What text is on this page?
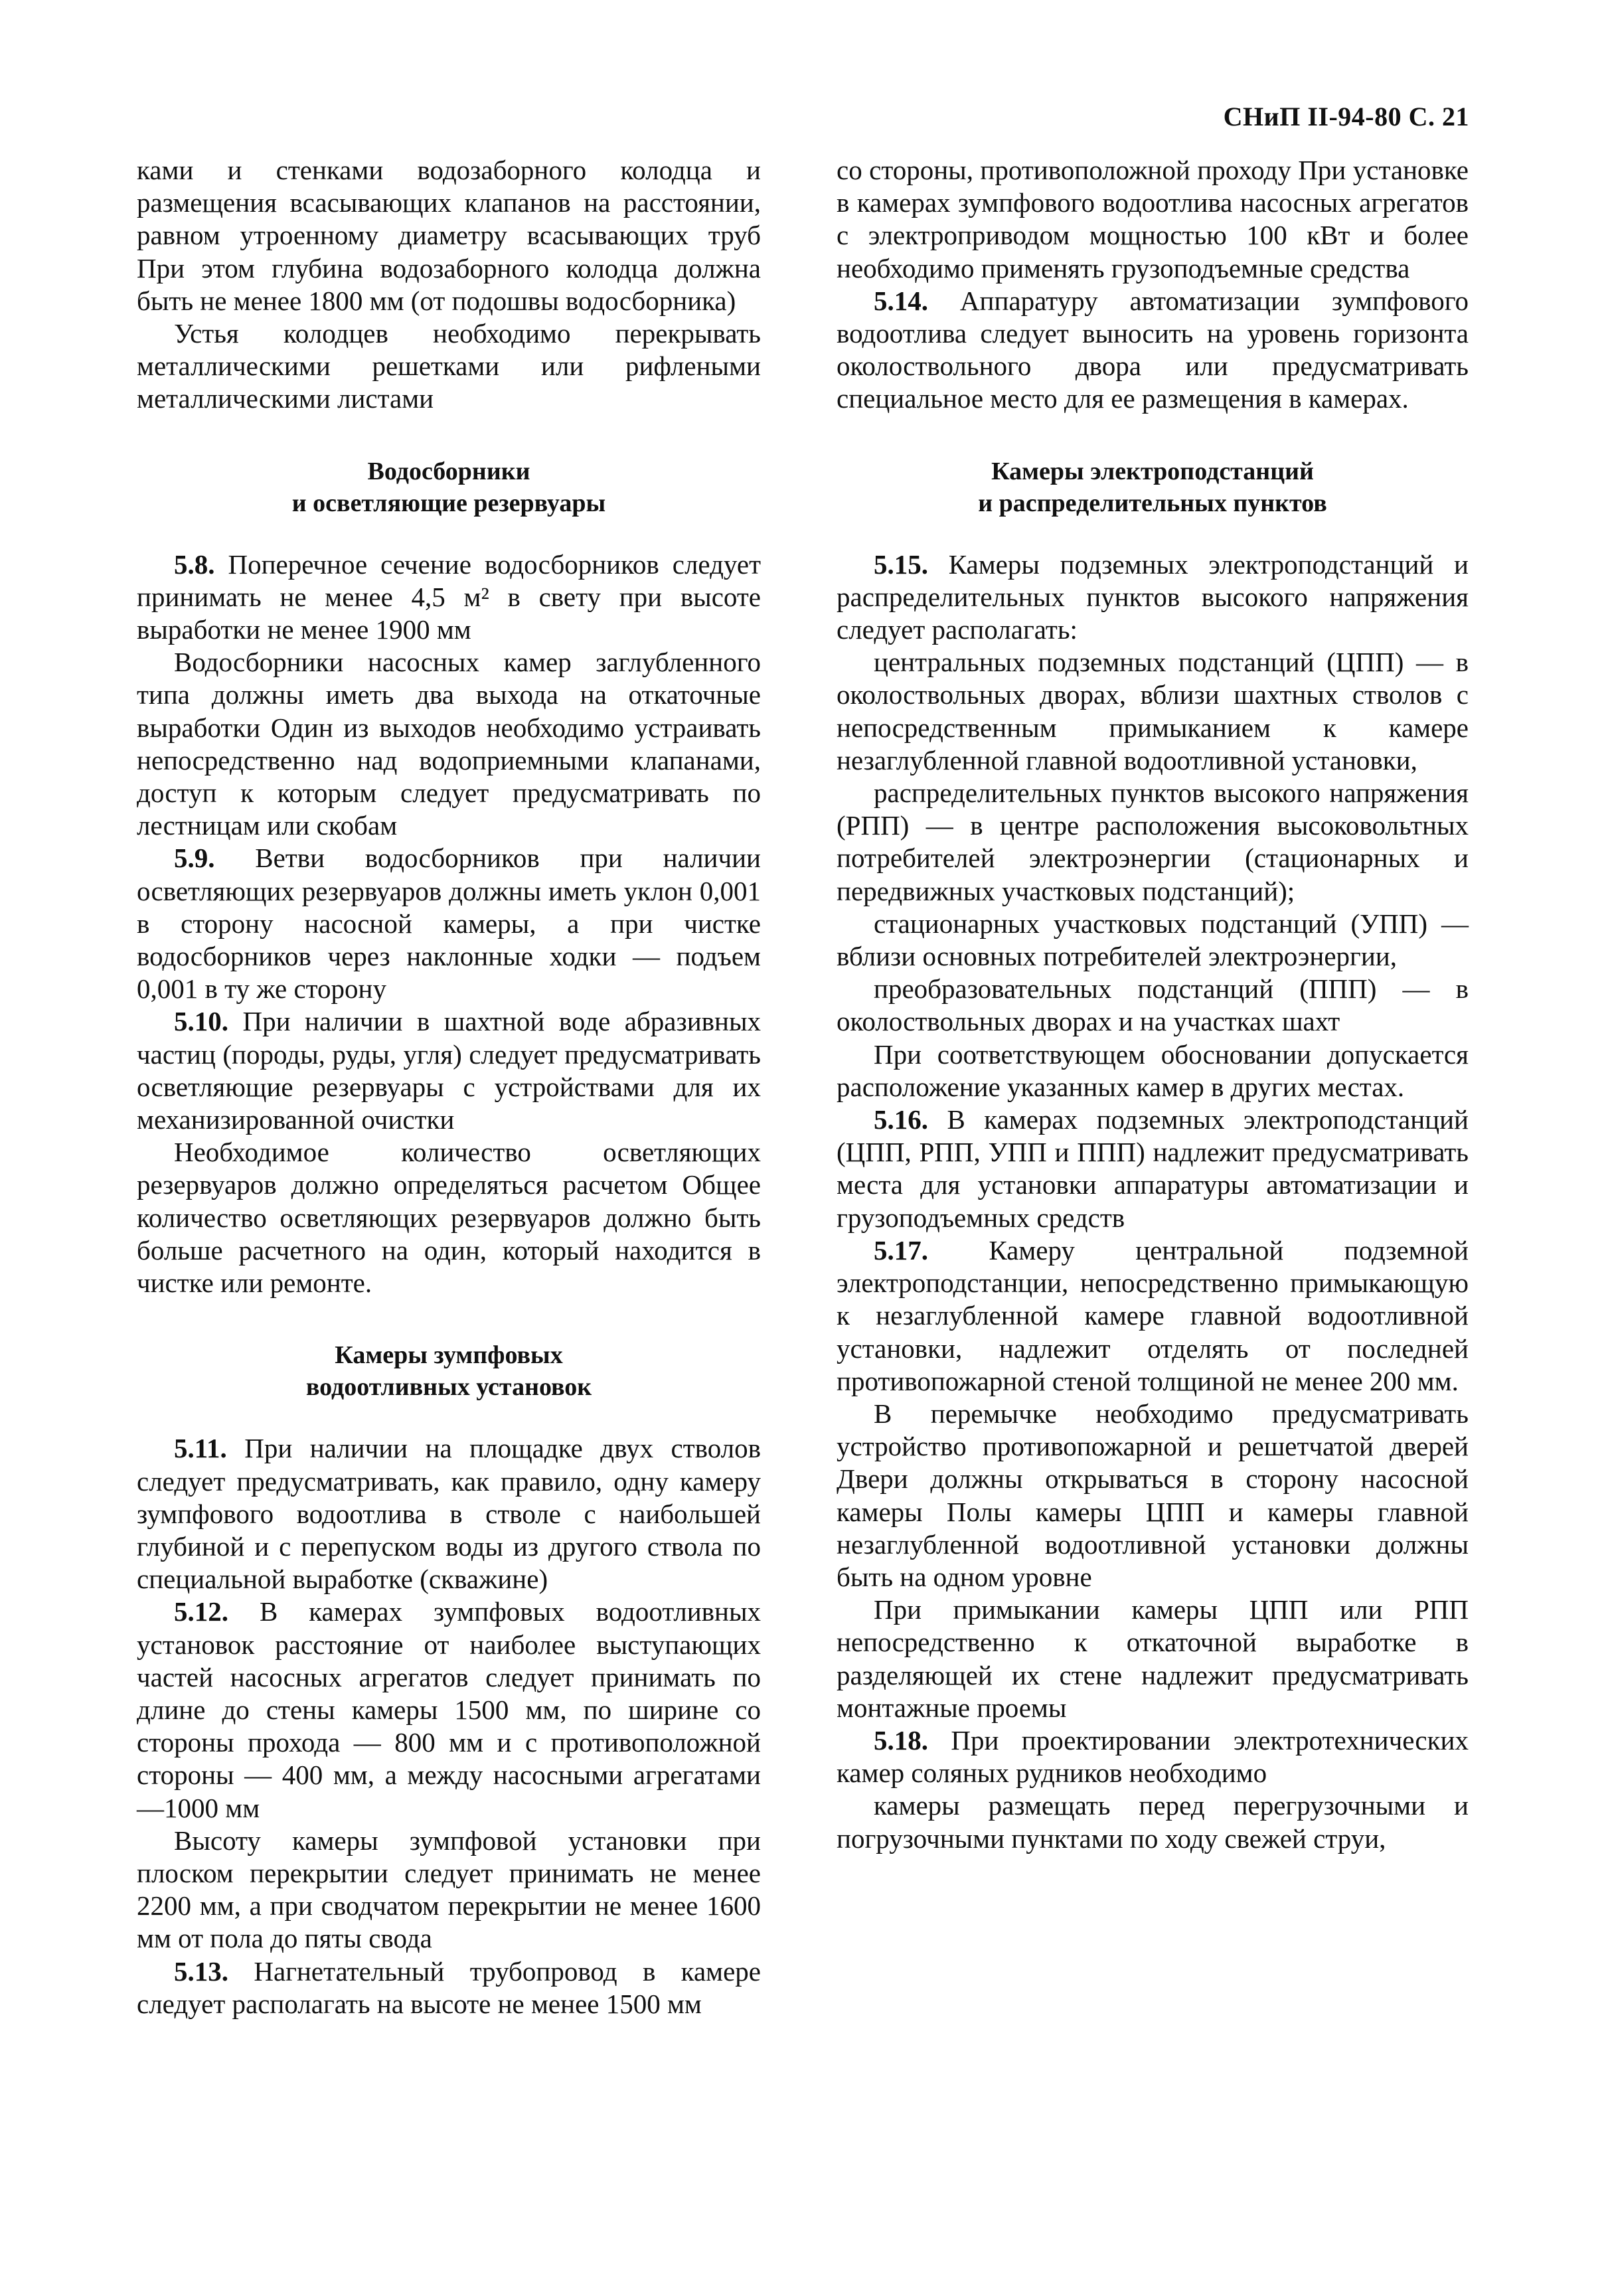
СНиП II-94-80 С. 21

ками и стенками водозаборного колодца и размещения всасывающих клапанов на расстоянии, равном утроенному диаметру всасывающих труб При этом глубина водозаборного колодца должна быть не менее 1800 мм (от подошвы водосборника)

Устья колодцев необходимо перекрывать металлическими решетками или рифлеными металлическими листами

Водосборники
и осветляющие резервуары

5.8. Поперечное сечение водосборников следует принимать не менее 4,5 м² в свету при высоте выработки не менее 1900 мм

Водосборники насосных камер заглубленного типа должны иметь два выхода на откаточные выработки Один из выходов необходимо устраивать непосредственно над водоприемными клапанами, доступ к которым следует предусматривать по лестницам или скобам

5.9. Ветви водосборников при наличии осветляющих резервуаров должны иметь уклон 0,001 в сторону насосной камеры, а при чистке водосборников через наклонные ходки — подъем 0,001 в ту же сторону

5.10. При наличии в шахтной воде абразивных частиц (породы, руды, угля) следует предусматривать осветляющие резервуары с устройствами для их механизированной очистки

Необходимое количество осветляющих резервуаров должно определяться расчетом Общее количество осветляющих резервуаров должно быть больше расчетного на один, который находится в чистке или ремонте.

Камеры зумпфовых
водоотливных установок

5.11. При наличии на площадке двух стволов следует предусматривать, как правило, одну камеру зумпфового водоотлива в стволе с наибольшей глубиной и с перепуском воды из другого ствола по специальной выработке (скважине)

5.12. В камерах зумпфовых водоотливных установок расстояние от наиболее выступающих частей насосных агрегатов следует принимать по длине до стены камеры 1500 мм, по ширине со стороны прохода — 800 мм и с противоположной стороны — 400 мм, а между насосными агрегатами —1000 мм

Высоту камеры зумпфовой установки при плоском перекрытии следует принимать не менее 2200 мм, а при сводчатом перекрытии не менее 1600 мм от пола до пяты свода

5.13. Нагнетательный трубопровод в камере следует располагать на высоте не менее 1500 мм

со стороны, противоположной проходу При установке в камерах зумпфового водоотлива насосных агрегатов с электроприводом мощностью 100 кВт и более необходимо применять грузоподъемные средства

5.14. Аппаратуру автоматизации зумпфового водоотлива следует выносить на уровень горизонта околоствольного двора или предусматривать специальное место для ее размещения в камерах.

Камеры электроподстанций
и распределительных пунктов

5.15. Камеры подземных электроподстанций и распределительных пунктов высокого напряжения следует располагать:

центральных подземных подстанций (ЦПП) — в околоствольных дворах, вблизи шахтных стволов с непосредственным примыканием к камере незаглубленной главной водоотливной установки,

распределительных пунктов высокого напряжения (РПП) — в центре расположения высоковольтных потребителей электроэнергии (стационарных и передвижных участковых подстанций);

стационарных участковых подстанций (УПП) — вблизи основных потребителей электроэнергии,

преобразовательных подстанций (ППП) — в околоствольных дворах и на участках шахт

При соответствующем обосновании допускается расположение указанных камер в других местах.

5.16. В камерах подземных электроподстанций (ЦПП, РПП, УПП и ППП) надлежит предусматривать места для установки аппаратуры автоматизации и грузоподъемных средств

5.17. Камеру центральной подземной электроподстанции, непосредственно примыкающую к незаглубленной камере главной водоотливной установки, надлежит отделять от последней противопожарной стеной толщиной не менее 200 мм.

В перемычке необходимо предусматривать устройство противопожарной и решетчатой дверей Двери должны открываться в сторону насосной камеры Полы камеры ЦПП и камеры главной незаглубленной водоотливной установки должны быть на одном уровне

При примыкании камеры ЦПП или РПП непосредственно к откаточной выработке в разделяющей их стене надлежит предусматривать монтажные проемы

5.18. При проектировании электротехнических камер соляных рудников необходимо

камеры размещать перед перегрузочными и погрузочными пунктами по ходу свежей струи,
